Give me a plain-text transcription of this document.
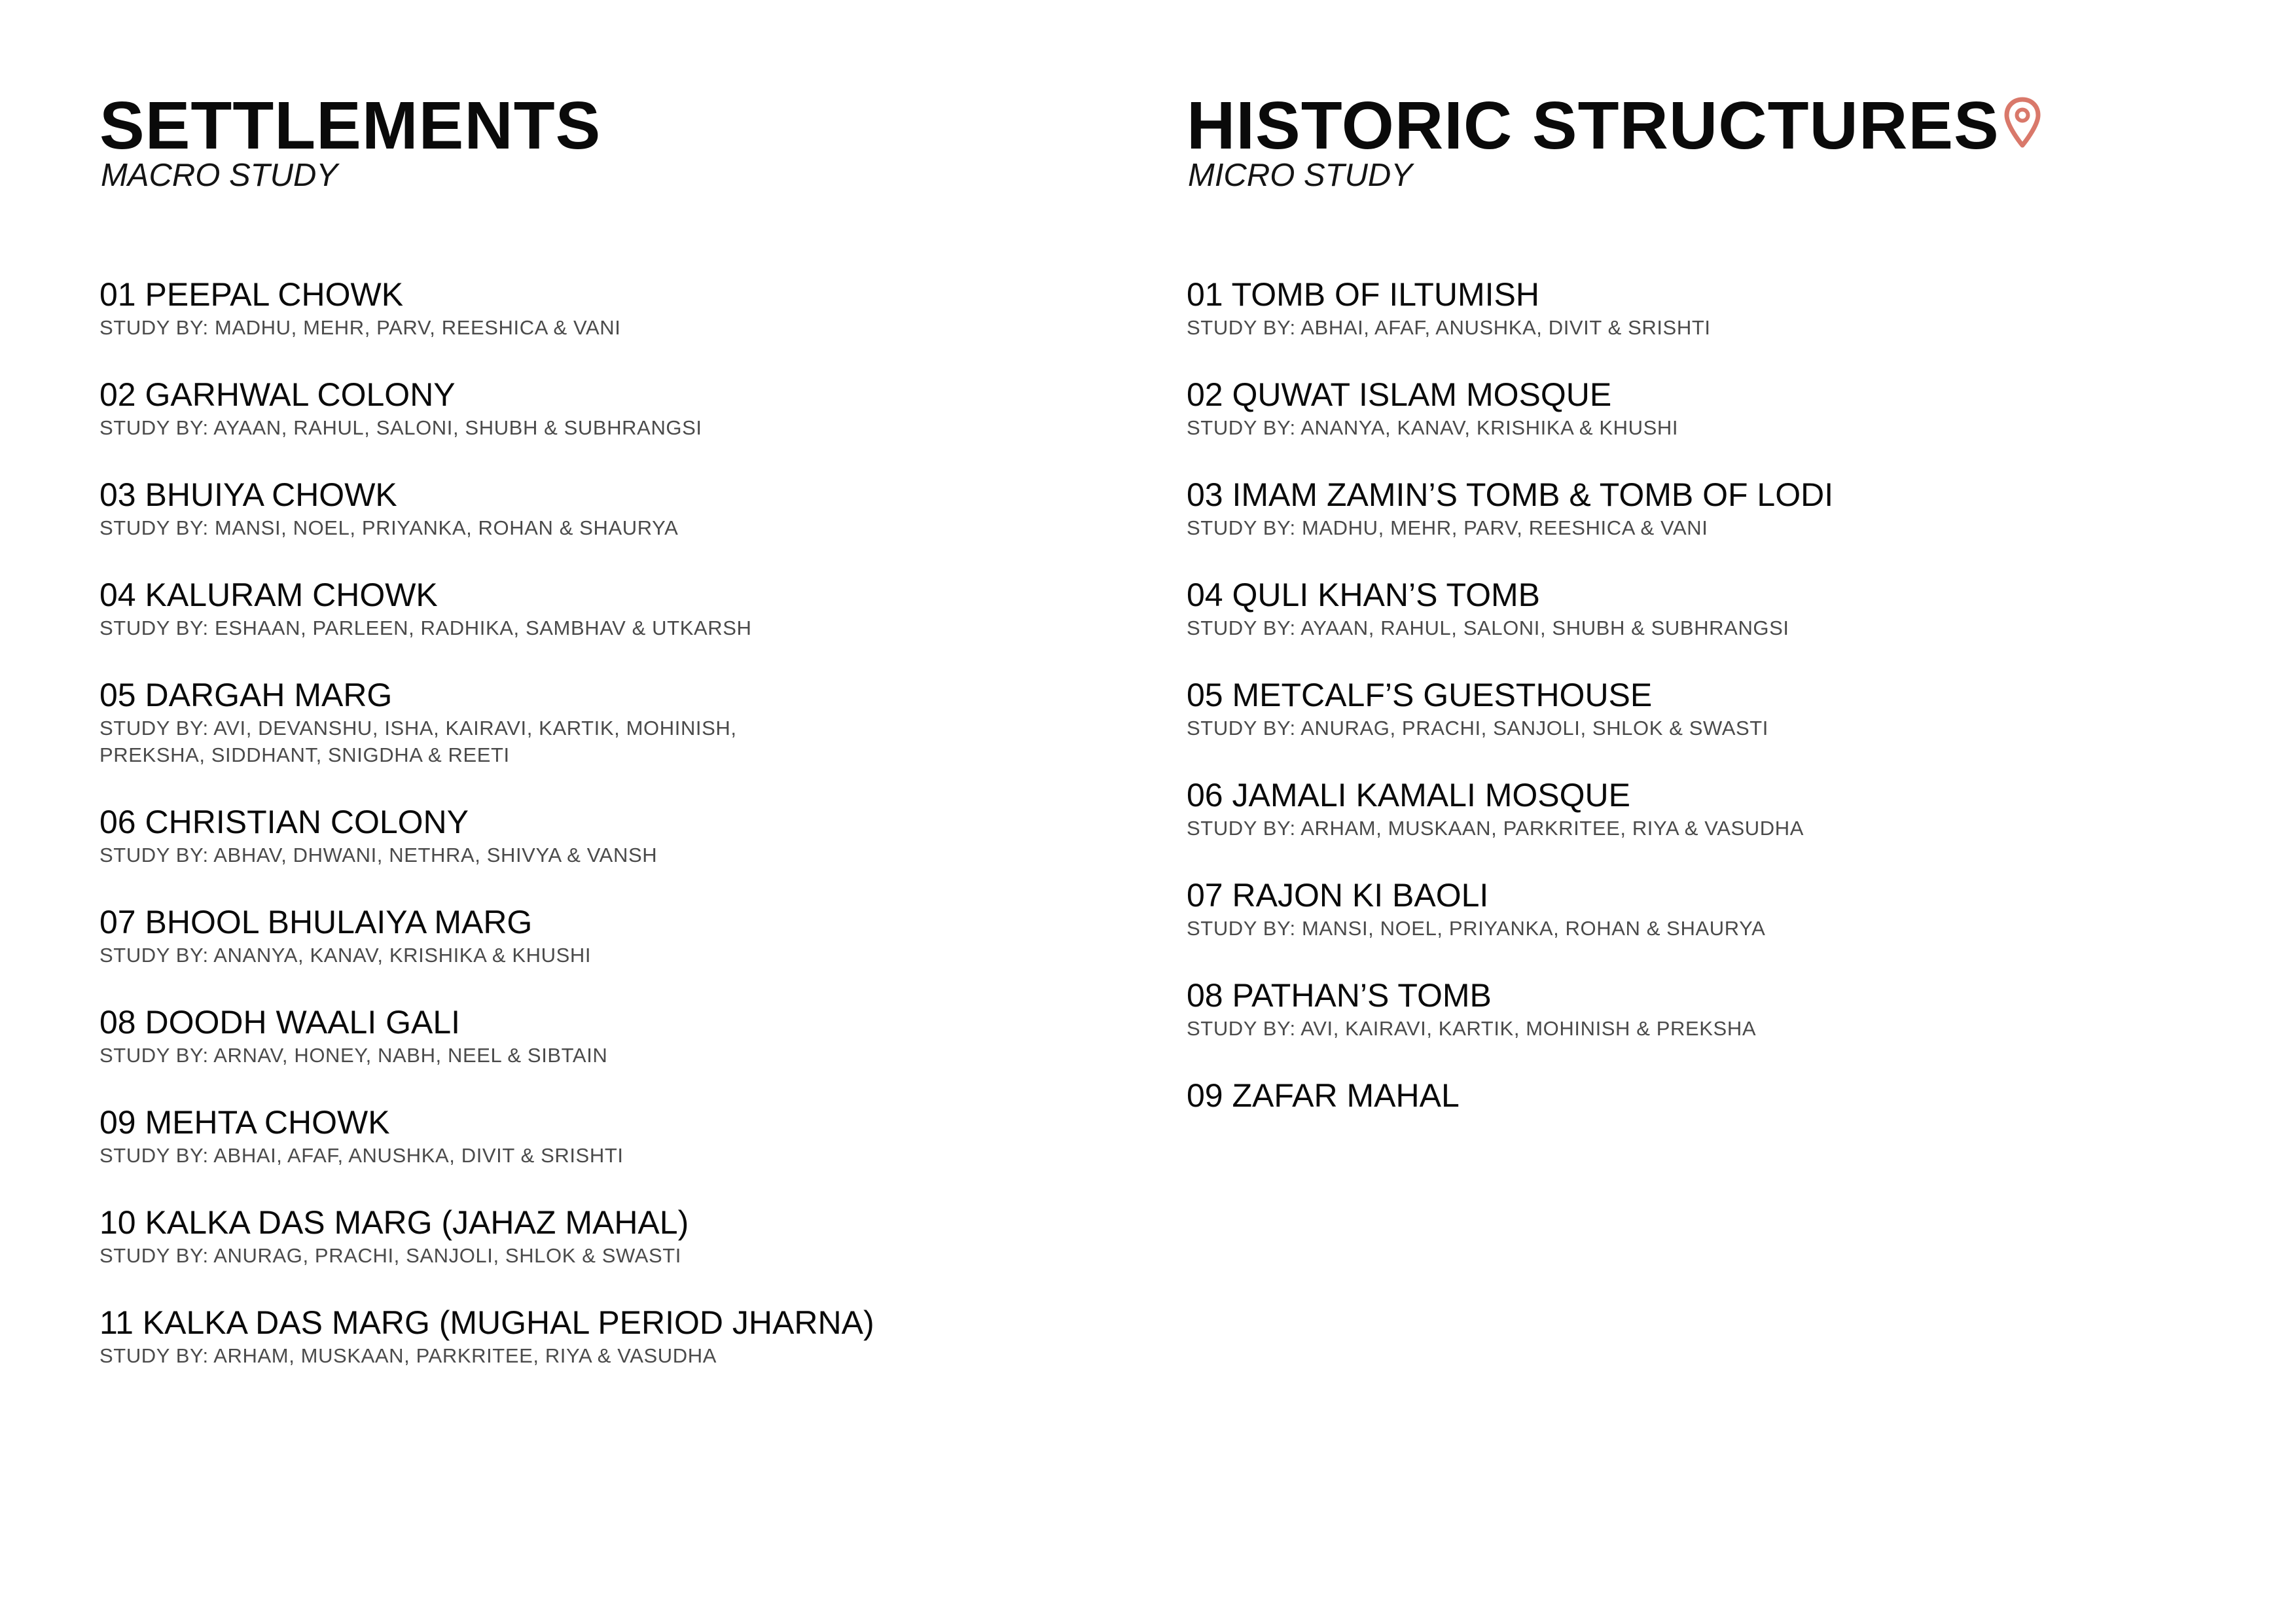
SETTLEMENTS
MACRO STUDY
01 PEEPAL CHOWK
STUDY BY: MADHU, MEHR, PARV, REESHICA & VANI
02 GARHWAL COLONY
STUDY BY: AYAAN, RAHUL, SALONI, SHUBH & SUBHRANGSI
03 BHUIYA CHOWK
STUDY BY: MANSI, NOEL, PRIYANKA, ROHAN & SHAURYA
04 KALURAM CHOWK
STUDY BY: ESHAAN, PARLEEN, RADHIKA, SAMBHAV & UTKARSH
05 DARGAH MARG
STUDY BY: AVI, DEVANSHU, ISHA, KAIRAVI, KARTIK, MOHINISH,
PREKSHA, SIDDHANT, SNIGDHA & REETI
06 CHRISTIAN COLONY
STUDY BY: ABHAV, DHWANI, NETHRA, SHIVYA & VANSH
07 BHOOL BHULAIYA MARG
STUDY BY: ANANYA, KANAV, KRISHIKA & KHUSHI
08 DOODH WAALI GALI
STUDY BY: ARNAV, HONEY, NABH, NEEL & SIBTAIN
09 MEHTA CHOWK
STUDY BY: ABHAI, AFAF, ANUSHKA, DIVIT & SRISHTI
10 KALKA DAS MARG (JAHAZ MAHAL)
STUDY BY: ANURAG, PRACHI, SANJOLI, SHLOK & SWASTI
11 KALKA DAS MARG (MUGHAL PERIOD JHARNA)
STUDY BY: ARHAM, MUSKAAN, PARKRITEE, RIYA & VASUDHA
HISTORIC STRUCTURES
MICRO STUDY
01 TOMB OF ILTUMISH
STUDY BY: ABHAI, AFAF, ANUSHKA, DIVIT & SRISHTI
02 QUWAT ISLAM MOSQUE
STUDY BY: ANANYA, KANAV, KRISHIKA & KHUSHI
03 IMAM ZAMIN’S TOMB & TOMB OF LODI
STUDY BY: MADHU, MEHR, PARV, REESHICA & VANI
04 QULI KHAN’S TOMB
STUDY BY: AYAAN, RAHUL, SALONI, SHUBH & SUBHRANGSI
05 METCALF’S GUESTHOUSE
STUDY BY: ANURAG, PRACHI, SANJOLI, SHLOK & SWASTI
06 JAMALI KAMALI MOSQUE
STUDY BY: ARHAM, MUSKAAN, PARKRITEE, RIYA & VASUDHA
07 RAJON KI BAOLI
STUDY BY: MANSI, NOEL, PRIYANKA, ROHAN & SHAURYA
08 PATHAN’S TOMB
STUDY BY: AVI, KAIRAVI, KARTIK, MOHINISH & PREKSHA
09 ZAFAR MAHAL
